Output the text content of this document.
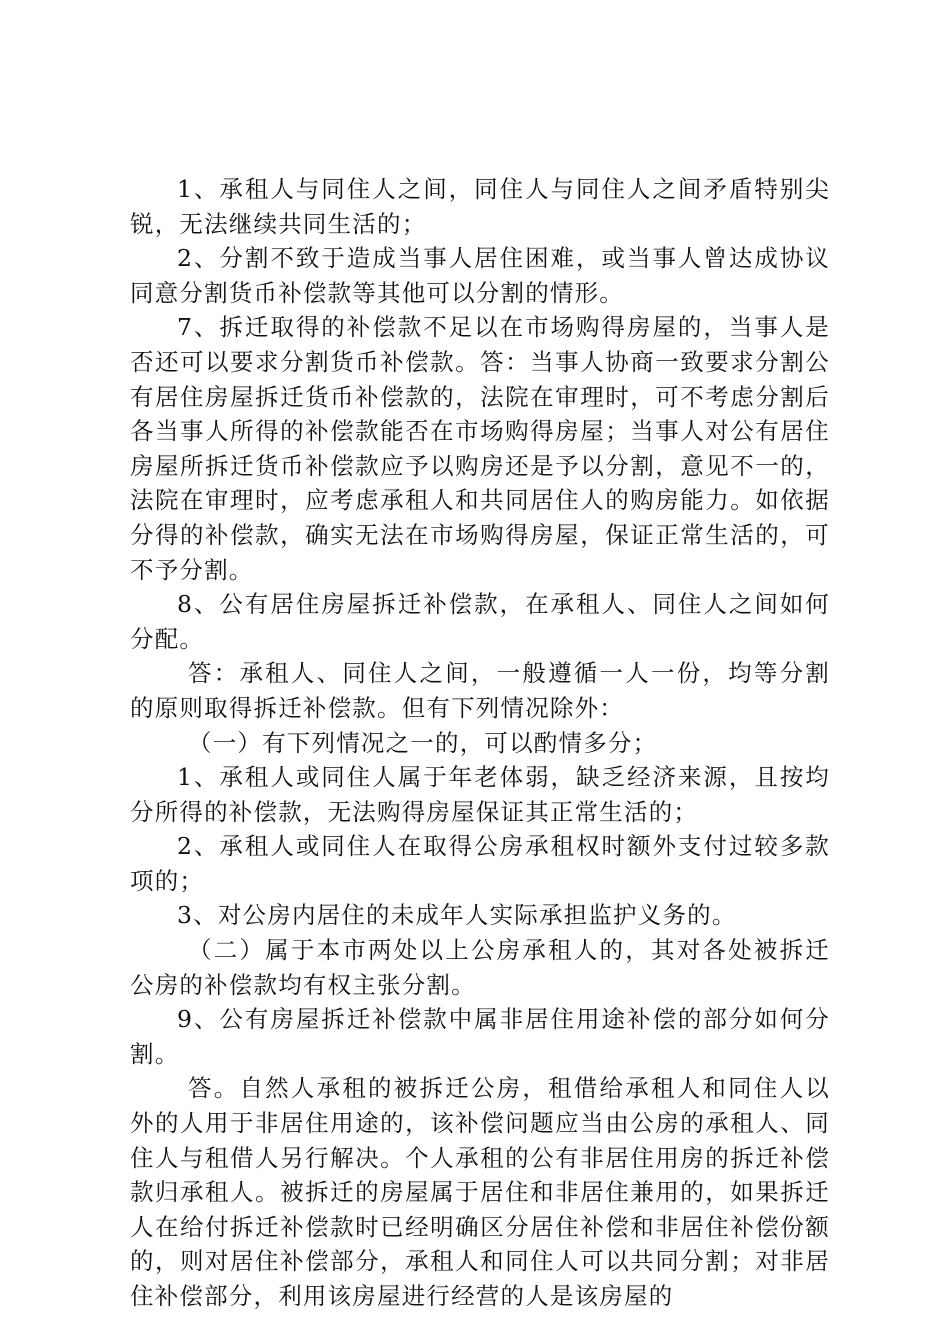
1、承租人与同住人之间，同住人与同住人之间矛盾特别尖锐，无法继续共同生活的；

2、分割不致于造成当事人居住困难，或当事人曾达成协议同意分割货币补偿款等其他可以分割的情形。

7、拆迁取得的补偿款不足以在市场购得房屋的，当事人是否还可以要求分割货币补偿款。答：当事人协商一致要求分割公有居住房屋拆迁货币补偿款的，法院在审理时，可不考虑分割后各当事人所得的补偿款能否在市场购得房屋；当事人对公有居住房屋所拆迁货币补偿款应予以购房还是予以分割，意见不一的，法院在审理时，应考虑承租人和共同居住人的购房能力。如依据分得的补偿款，确实无法在市场购得房屋，保证正常生活的，可不予分割。

8、公有居住房屋拆迁补偿款，在承租人、同住人之间如何分配。

答：承租人、同住人之间，一般遵循一人一份，均等分割的原则取得拆迁补偿款。但有下列情况除外：

（一）有下列情况之一的，可以酌情多分；

1、承租人或同住人属于年老体弱，缺乏经济来源，且按均分所得的补偿款，无法购得房屋保证其正常生活的；

2、承租人或同住人在取得公房承租权时额外支付过较多款项的；

3、对公房内居住的未成年人实际承担监护义务的。

（二）属于本市两处以上公房承租人的，其对各处被拆迁公房的补偿款均有权主张分割。

9、公有房屋拆迁补偿款中属非居住用途补偿的部分如何分割。

答。自然人承租的被拆迁公房，租借给承租人和同住人以外的人用于非居住用途的，该补偿问题应当由公房的承租人、同住人与租借人另行解决。个人承租的公有非居住用房的拆迁补偿款归承租人。被拆迁的房屋属于居住和非居住兼用的，如果拆迁人在给付拆迁补偿款时已经明确区分居住补偿和非居住补偿份额的，则对居住补偿部分，承租人和同住人可以共同分割；对非居住补偿部分，利用该房屋进行经营的人是该房屋的
